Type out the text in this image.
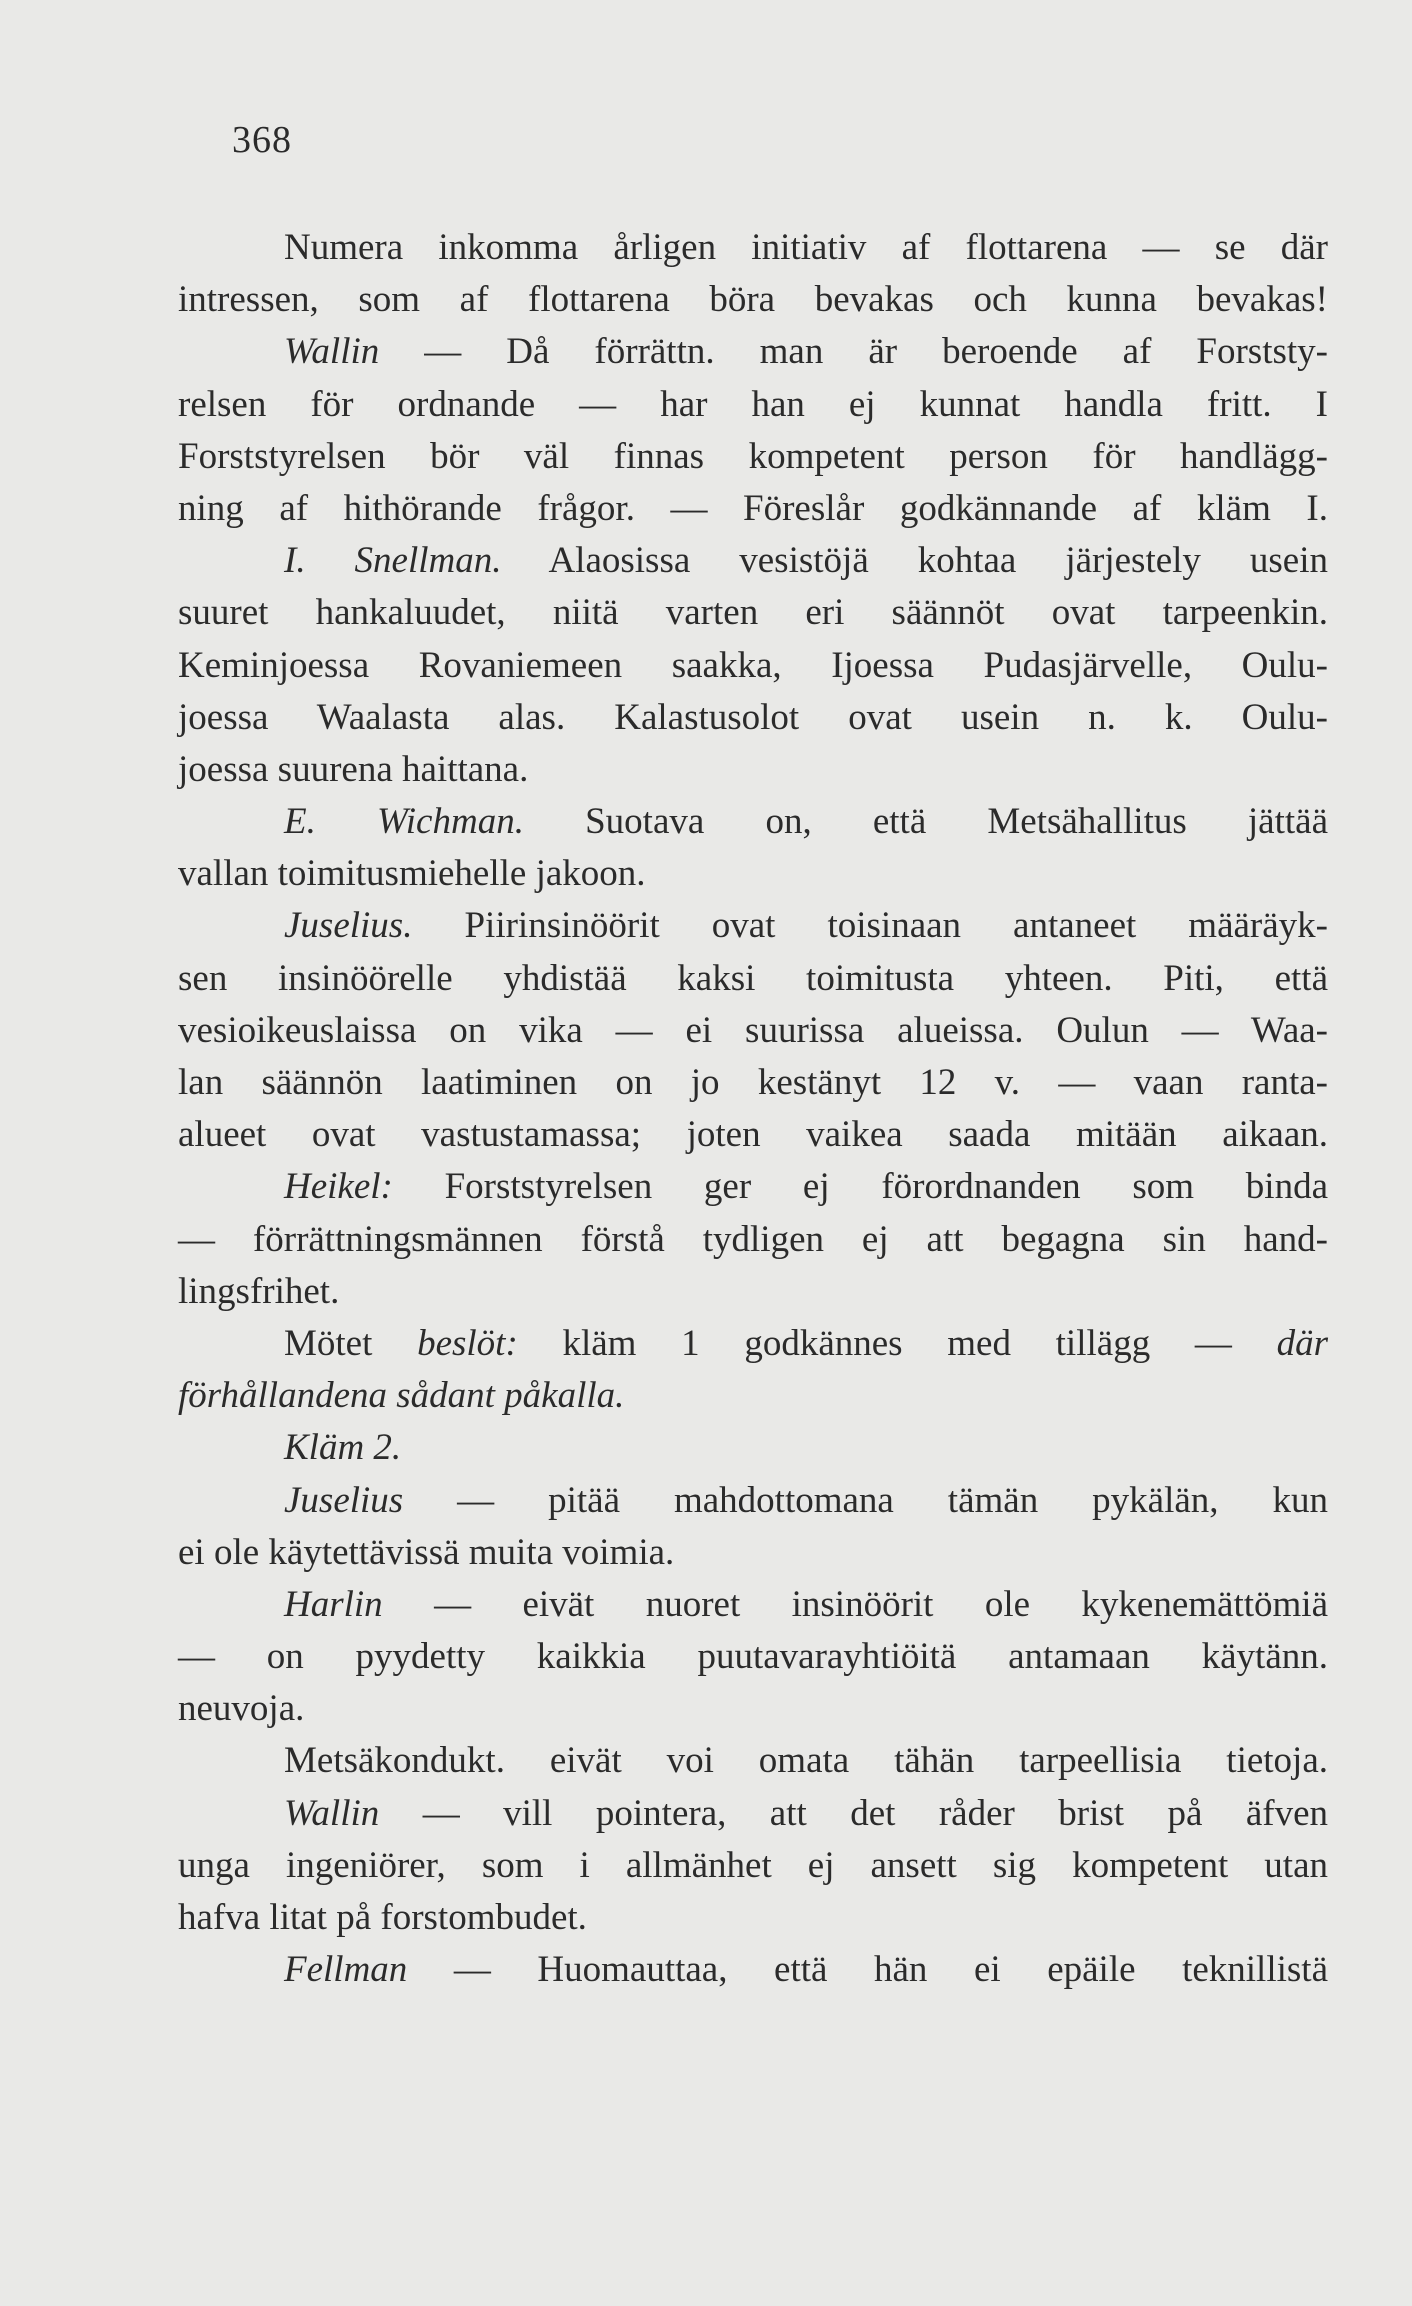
368
Numera inkomma årligen initiativ af flottarena — se där
intressen, som af flottarena böra bevakas och kunna bevakas!
Wallin — Då förrättn. man är beroende af Forststy-
relsen för ordnande — har han ej kunnat handla fritt. I
Forststyrelsen bör väl finnas kompetent person för handlägg-
ning af hithörande frågor. — Föreslår godkännande af kläm I.
I. Snellman. Alaosissa vesistöjä kohtaa järjestely usein
suuret hankaluudet, niitä varten eri säännöt ovat tarpeenkin.
Keminjoessa Rovaniemeen saakka, Ijoessa Pudasjärvelle, Oulu-
joessa Waalasta alas. Kalastusolot ovat usein n. k. Oulu-
joessa suurena haittana.
E. Wichman. Suotava on, että Metsähallitus jättää
vallan toimitusmiehelle jakoon.
Juselius. Piirinsinöörit ovat toisinaan antaneet määräyk-
sen insinöörelle yhdistää kaksi toimitusta yhteen. Piti, että
vesioikeuslaissa on vika — ei suurissa alueissa. Oulun — Waa-
lan säännön laatiminen on jo kestänyt 12 v. — vaan ranta-
alueet ovat vastustamassa; joten vaikea saada mitään aikaan.
Heikel: Forststyrelsen ger ej förordnanden som binda
— förrättningsmännen förstå tydligen ej att begagna sin hand-
lingsfrihet.
Mötet beslöt: kläm 1 godkännes med tillägg — där
förhållandena sådant påkalla.
Kläm 2.
Juselius — pitää mahdottomana tämän pykälän, kun
ei ole käytettävissä muita voimia.
Harlin — eivät nuoret insinöörit ole kykenemättömiä
— on pyydetty kaikkia puutavarayhtiöitä antamaan käytänn.
neuvoja.
Metsäkondukt. eivät voi omata tähän tarpeellisia tietoja.
Wallin — vill pointera, att det råder brist på äfven
unga ingeniörer, som i allmänhet ej ansett sig kompetent utan
hafva litat på forstombudet.
Fellman — Huomauttaa, että hän ei epäile teknillistä
